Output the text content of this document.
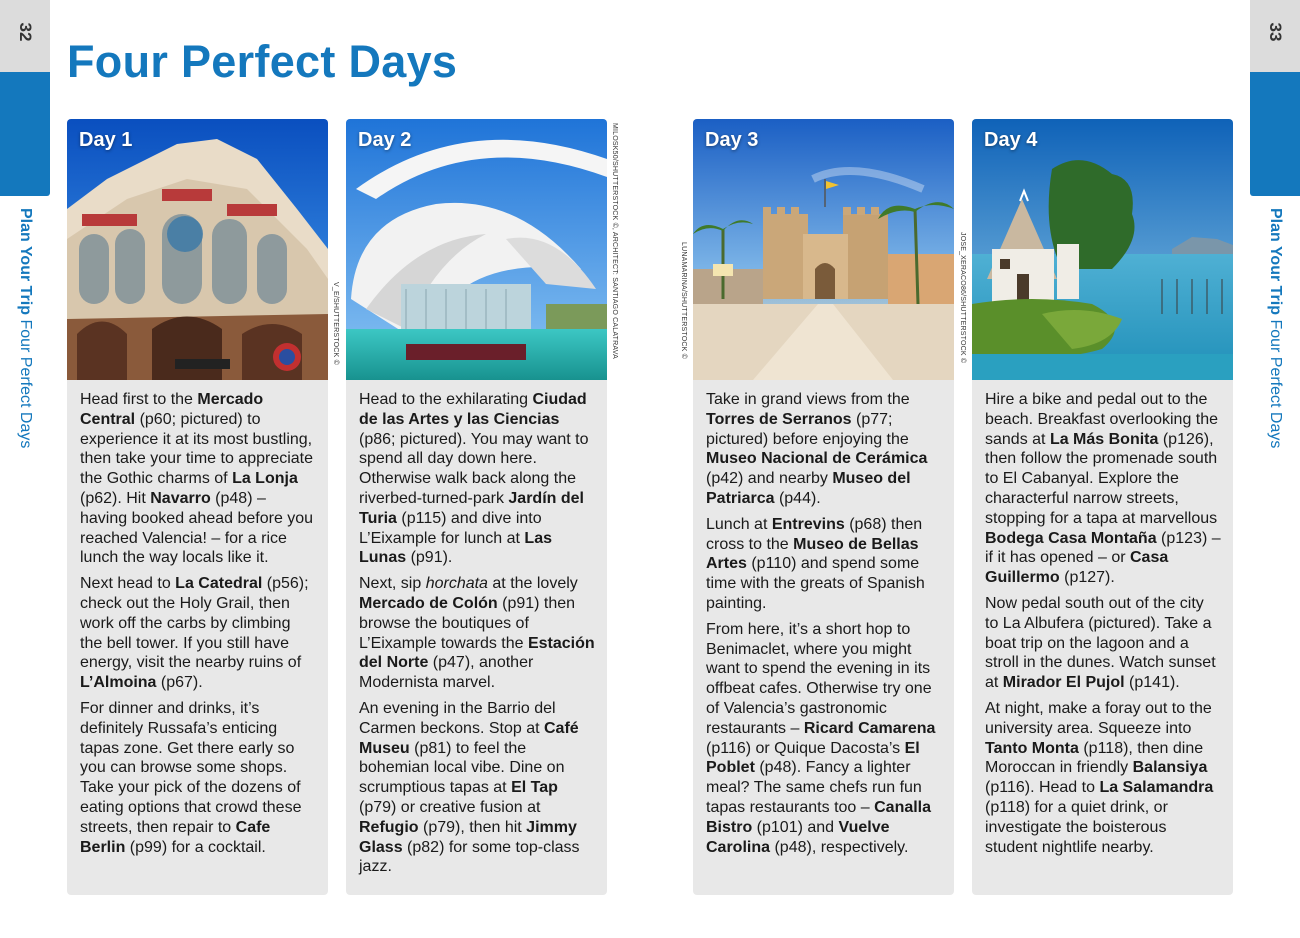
32
Plan Your Trip Four Perfect Days
33
Plan Your Trip Four Perfect Days
Four Perfect Days
Day 1

Head first to the Mercado Central (p60; pictured) to experience it at its most bustling, then take your time to appreciate the Gothic charms of La Lonja (p62). Hit Navarro (p48) – having booked ahead before you reached Valencia! – for a rice lunch the way locals like it.

Next head to La Catedral (p56); check out the Holy Grail, then work off the carbs by climbing the bell tower. If you still have energy, visit the nearby ruins of L’Almoina (p67).

For dinner and drinks, it’s definitely Russafa’s enticing tapas zone. Get there early so you can browse some shops. Take your pick of the dozens of eating options that crowd these streets, then repair to Cafe Berlin (p99) for a cocktail.

Day 2

Head to the exhilarating Ciudad de las Artes y las Ciencias (p86; pictured). You may want to spend all day down here. Otherwise walk back along the riverbed-turned-park Jardín del Turia (p115) and dive into L’Eixample for lunch at Las Lunas (p91).

Next, sip horchata at the lovely Mercado de Colón (p91) then browse the boutiques of L’Eixample towards the Estación del Norte (p47), another Modernista marvel.

An evening in the Barrio del Carmen beckons. Stop at Café Museu (p81) to feel the bohemian local vibe. Dine on scrumptious tapas at El Tap (p79) or creative fusion at Refugio (p79), then hit Jimmy Glass (p82) for some top-class jazz.

Day 3

Take in grand views from the Torres de Serranos (p77; pictured) before enjoying the Museo Nacional de Cerámica (p42) and nearby Museo del Patriarca (p44).

Lunch at Entrevins (p68) then cross to the Museo de Bellas Artes (p110) and spend some time with the greats of Spanish painting.

From here, it’s a short hop to Benimaclet, where you might want to spend the evening in its offbeat cafes. Otherwise try one of Valencia’s gastronomic restaurants – Ricard Camarena (p116) or Quique Dacosta’s El Poblet (p48). Fancy a lighter meal? The same chefs run fun tapas restaurants too – Canalla Bistro (p101) and Vuelve Carolina (p48), respectively.

Day 4

Hire a bike and pedal out to the beach. Breakfast overlooking the sands at La Más Bonita (p126), then follow the promenade south to El Cabanyal. Explore the characterful narrow streets, stopping for a tapa at marvellous Bodega Casa Montaña (p123) – if it has opened – or Casa Guillermo (p127).

Now pedal south out of the city to La Albufera (pictured). Take a boat trip on the lagoon and a stroll in the dunes. Watch sunset at Mirador El Pujol (p141).

At night, make a foray out to the university area. Squeeze into Tanto Monta (p118), then dine Moroccan in friendly Balansiya (p116). Head to La Salamandra (p118) for a quiet drink, or investigate the boisterous student nightlife nearby.

V_E/SHUTTERSTOCK ©	MILOSK50/SHUTTERSTOCK ©, ARCHITECT: SANTIAGO CALATRAVA	LUNAMARINA/SHUTTERSTOCK ©	JOSE_XERACO86/SHUTTERSTOCK ©
